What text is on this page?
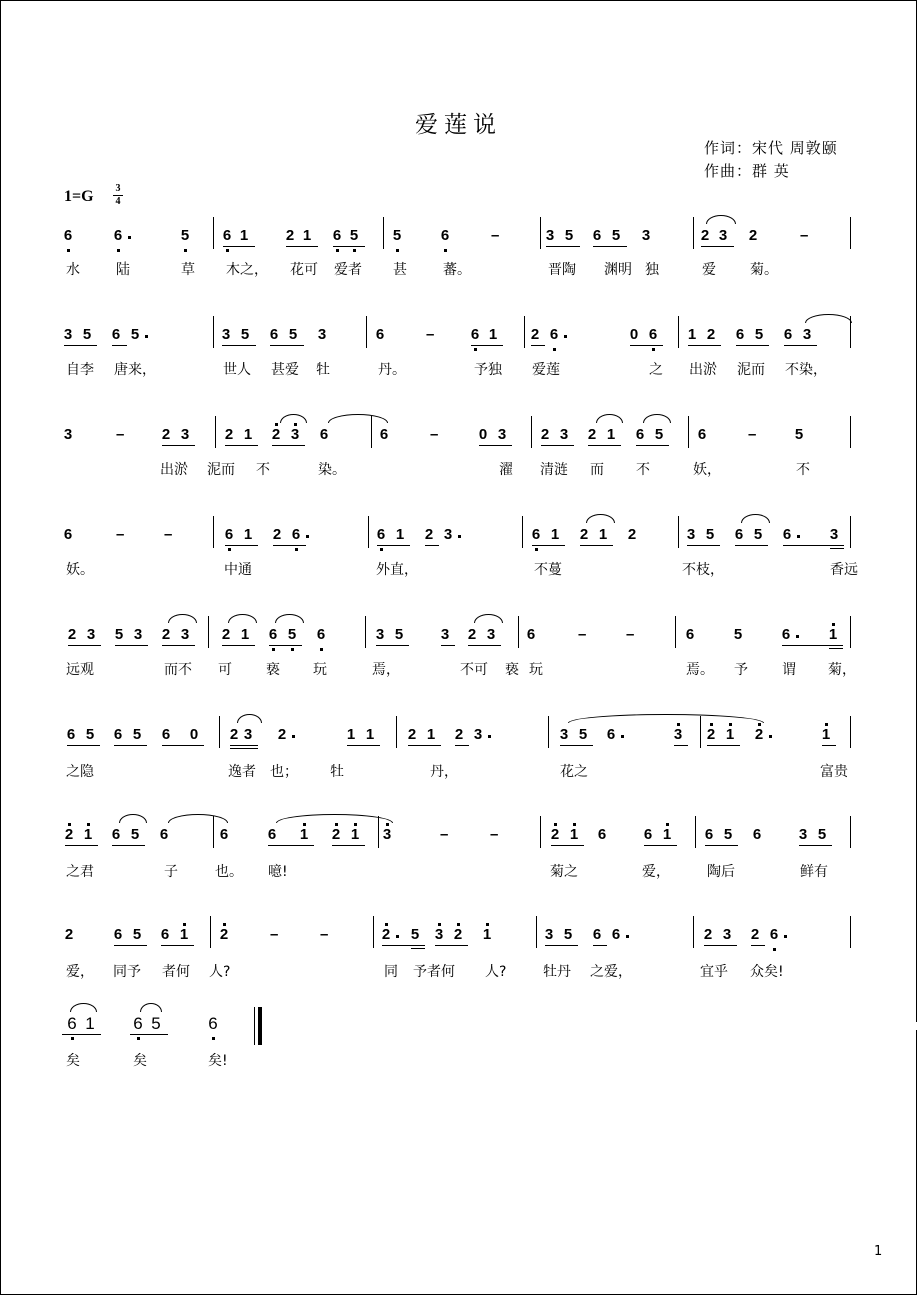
爱莲说
作词：宋代 周敦颐
作曲：群 英
1=G 3
4
6	6	5 6 1	2 1 6 5 5	6	–	3 5 6 5 3	2 3 2	–
水	陆	草 木之， 花可 爱者 甚	蕃。	晋陶 渊明 独	爱 菊。
3 5 6 5	3 5 6 5 3	6	– 6 1 2 6	0 6 1 2 6 5 6 3
自李 唐来，	世人 甚爱 牡	丹。	予独 爱莲	之 出淤 泥而 不染，
3	– 2 3 2 1 2 3 6	6	–	0 3 2 3 2 1 6 5 6	–	5
出淤 泥而 不	染。	濯 清涟 而 不	妖，	不
6	–	–	6 1 2 6	6 1 2 3	6 1 2 1 2	3 5 6 5 6	3
妖。	中通	外直，	不蔓	不枝，	香远
2 3 5 3 2 3 2 1 6 5 6	3 5	3 2 3 6	–	–	6	5	6	1
远观	而不 可 亵 玩	焉，	不可 亵 玩	焉。 予 谓 菊，
6 5 6 5 6 0 2 3 2	1 1 2 1 2 3	3 5 6	3 2 1 2	1
之隐	逸者 也； 牡	丹，	花之	富贵
2 1 6 5 6	6	6 1 2 1 3	–	–	2 1 6	6 1 6 5 6	3 5
之君	子	也。 噫!	菊之	爱，	陶后	鲜有
2	6 5 6 1 2	–	–	2 5 3 2 1	3 5 6 6	2 3 2 6
爱， 同予 者何 人?	同 予者何 人?	牡丹 之爱，	宜乎 众矣!
6 1 6 5	6
矣	矣	矣!
1
